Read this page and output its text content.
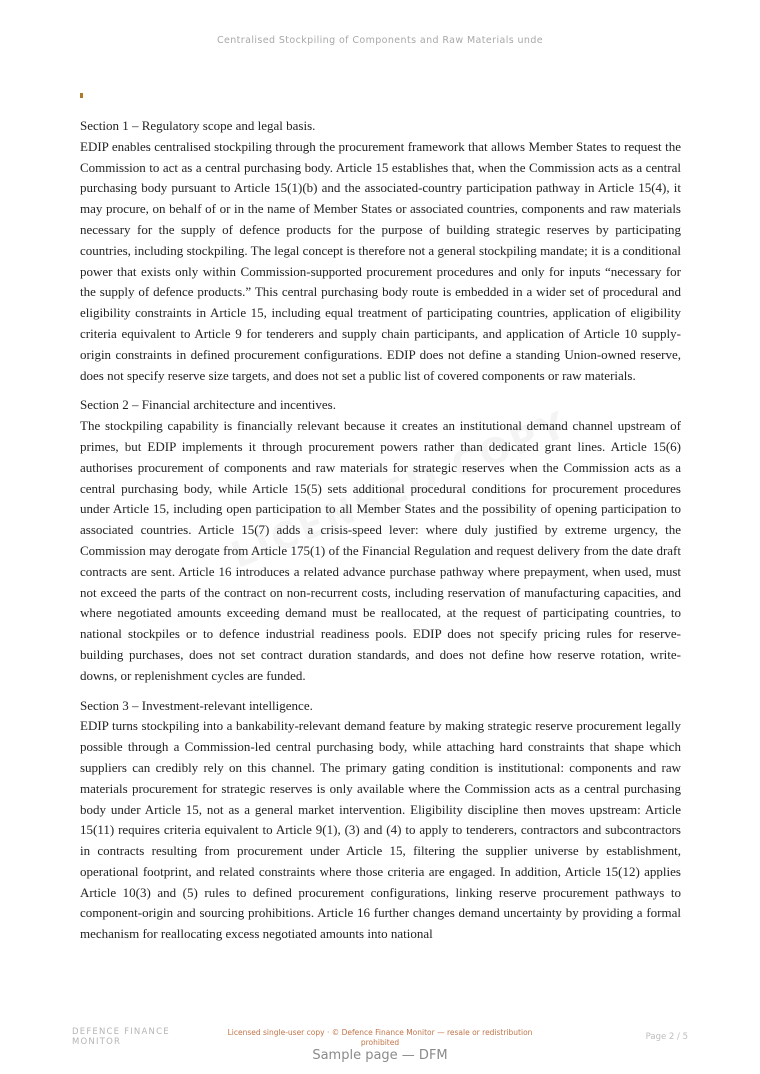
Centralised Stockpiling of Components and Raw Materials unde

Section 1 – Regulatory scope and legal basis.

EDIP enables centralised stockpiling through the procurement framework that allows Member States to request the Commission to act as a central purchasing body. Article 15 establishes that, when the Commission acts as a central purchasing body pursuant to Article 15(1)(b) and the associated-country participation pathway in Article 15(4), it may procure, on behalf of or in the name of Member States or associated countries, components and raw materials necessary for the supply of defence products for the purpose of building strategic reserves by participating countries, including stockpiling. The legal concept is therefore not a general stockpiling mandate; it is a conditional power that exists only within Commission-supported procurement procedures and only for inputs “necessary for the supply of defence products.” This central purchasing body route is embedded in a wider set of procedural and eligibility constraints in Article 15, including equal treatment of participating countries, application of eligibility criteria equivalent to Article 9 for tenderers and supply chain participants, and application of Article 10 supply-origin constraints in defined procurement configurations. EDIP does not define a standing Union-owned reserve, does not specify reserve size targets, and does not set a public list of covered components or raw materials.

Section 2 – Financial architecture and incentives.

The stockpiling capability is financially relevant because it creates an institutional demand channel upstream of primes, but EDIP implements it through procurement powers rather than dedicated grant lines. Article 15(6) authorises procurement of components and raw materials for strategic reserves when the Commission acts as a central purchasing body, while Article 15(5) sets additional procedural conditions for procurement procedures under Article 15, including open participation to all Member States and the possibility of opening participation to associated countries. Article 15(7) adds a crisis-speed lever: where duly justified by extreme urgency, the Commission may derogate from Article 175(1) of the Financial Regulation and request delivery from the date draft contracts are sent. Article 16 introduces a related advance purchase pathway where prepayment, when used, must not exceed the parts of the contract on non-recurrent costs, including reservation of manufacturing capacities, and where negotiated amounts exceeding demand must be reallocated, at the request of participating countries, to national stockpiles or to defence industrial readiness pools. EDIP does not specify pricing rules for reserve-building purchases, does not set contract duration standards, and does not define how reserve rotation, write-downs, or replenishment cycles are funded.

Section 3 – Investment-relevant intelligence.

EDIP turns stockpiling into a bankability-relevant demand feature by making strategic reserve procurement legally possible through a Commission-led central purchasing body, while attaching hard constraints that shape which suppliers can credibly rely on this channel. The primary gating condition is institutional: components and raw materials procurement for strategic reserves is only available where the Commission acts as a central purchasing body under Article 15, not as a general market intervention. Eligibility discipline then moves upstream: Article 15(11) requires criteria equivalent to Article 9(1), (3) and (4) to apply to tenderers, contractors and subcontractors in contracts resulting from procurement under Article 15, filtering the supplier universe by establishment, operational footprint, and related constraints where those criteria are engaged. In addition, Article 15(12) applies Article 10(3) and (5) rules to defined procurement configurations, linking reserve procurement pathways to component-origin and sourcing prohibitions. Article 16 further changes demand uncertainty by providing a formal mechanism for reallocating excess negotiated amounts into national

DEFENCE FINANCE MONITOR
Licensed single-user copy · © Defence Finance Monitor — resale or redistribution prohibited
Page 2 / 5
Sample page — DFM
